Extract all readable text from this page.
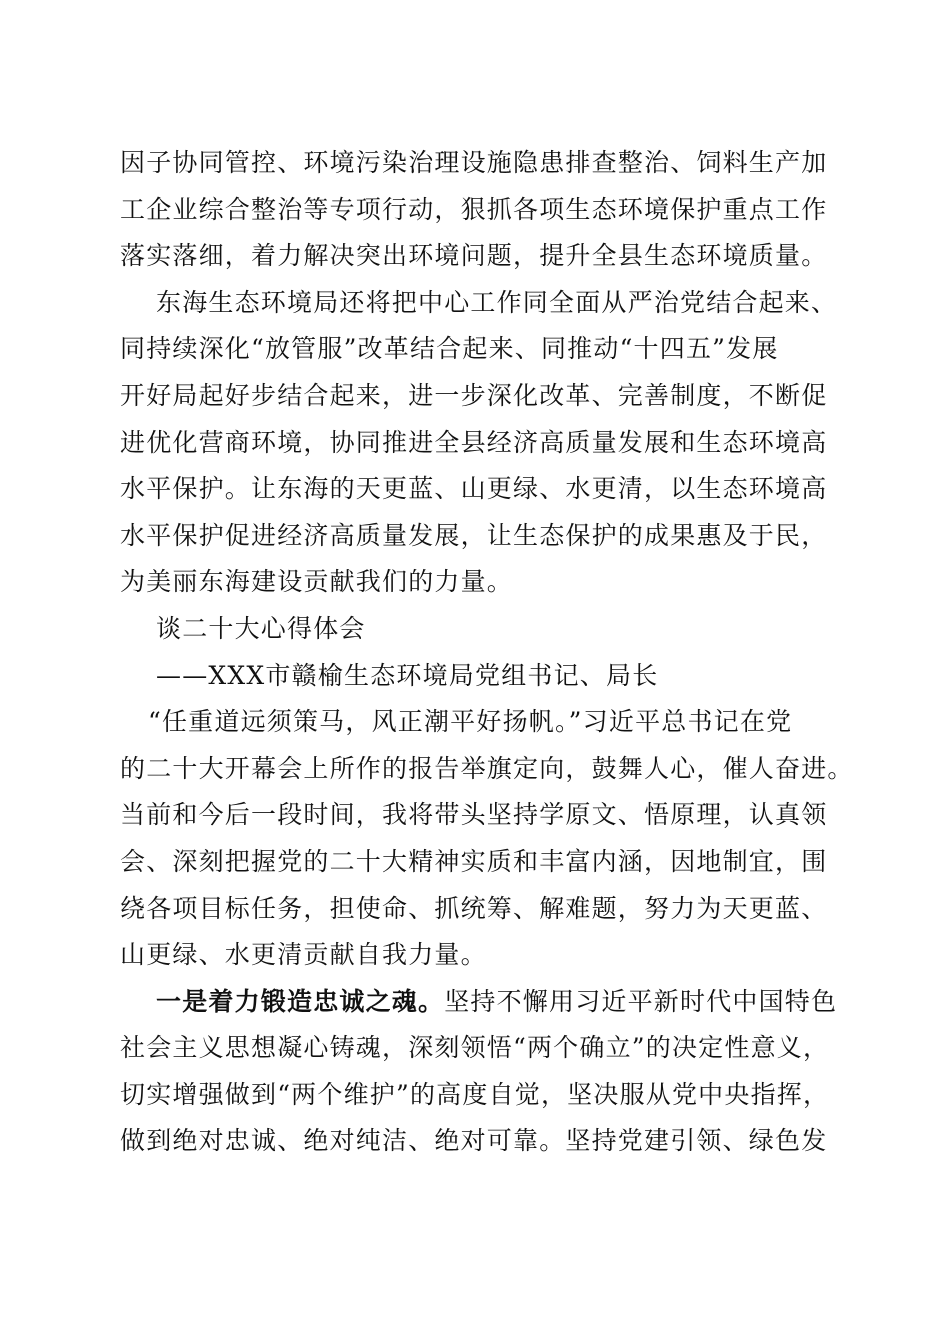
因子协同管控、环境污染治理设施隐患排查整治、饲料生产加
工企业综合整治等专项行动，狠抓各项生态环境保护重点工作
落实落细，着力解决突出环境问题，提升全县生态环境质量。
东海生态环境局还将把中心工作同全面从严治党结合起来、
同持续深化“放管服”改革结合起来、同推动“十四五”发展
开好局起好步结合起来，进一步深化改革、完善制度，不断促
进优化营商环境，协同推进全县经济高质量发展和生态环境高
水平保护。让东海的天更蓝、山更绿、水更清，以生态环境高
水平保护促进经济高质量发展，让生态保护的成果惠及于民，
为美丽东海建设贡献我们的力量。
谈二十大心得体会
——XXX市赣榆生态环境局党组书记、局长
“任重道远须策马，风正潮平好扬帆。”习近平总书记在党
的二十大开幕会上所作的报告举旗定向，鼓舞人心，催人奋进。
当前和今后一段时间，我将带头坚持学原文、悟原理，认真领
会、深刻把握党的二十大精神实质和丰富内涵，因地制宜，围
绕各项目标任务，担使命、抓统筹、解难题，努力为天更蓝、
山更绿、水更清贡献自我力量。
一是着力锻造忠诚之魂。坚持不懈用习近平新时代中国特色
社会主义思想凝心铸魂，深刻领悟“两个确立”的决定性意义，
切实增强做到“两个维护”的高度自觉，坚决服从党中央指挥，
做到绝对忠诚、绝对纯洁、绝对可靠。坚持党建引领、绿色发
